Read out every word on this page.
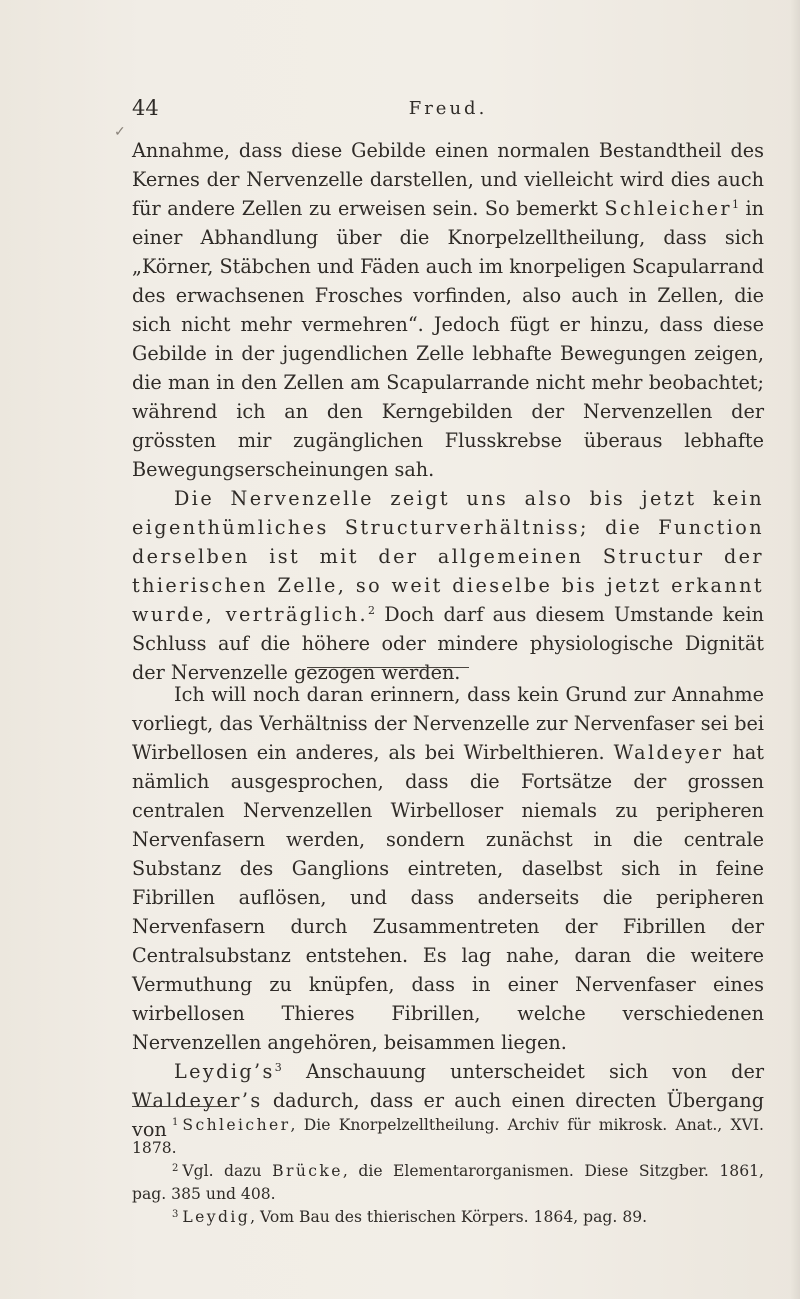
44	Freud.
✓

Annahme, dass diese Gebilde einen normalen Bestandtheil des Kernes der Nervenzelle darstellen, und vielleicht wird dies auch für andere Zellen zu erweisen sein. So bemerkt Schleicher$^1$ in einer Abhandlung über die Knorpelzelltheilung, dass sich „Körner, Stäbchen und Fäden auch im knorpeligen Scapularrand des erwachsenen Frosches vorfinden, also auch in Zellen, die sich nicht mehr vermehren“. Jedoch fügt er hinzu, dass diese Gebilde in der jugendlichen Zelle lebhafte Bewegungen zeigen, die man in den Zellen am Scapularrande nicht mehr beobachtet; während ich an den Kerngebilden der Nervenzellen der grössten mir zugänglichen Flusskrebse überaus lebhafte Bewegungserscheinungen sah.

Die Nervenzelle zeigt uns also bis jetzt kein eigenthümliches Structurverhältniss; die Function derselben ist mit der allgemeinen Structur der thierischen Zelle, so weit dieselbe bis jetzt erkannt wurde, verträglich.$^2$ Doch darf aus diesem Umstande kein Schluss auf die höhere oder mindere physiologische Dignität der Nervenzelle gezogen werden.

Ich will noch daran erinnern, dass kein Grund zur Annahme vorliegt, das Verhältniss der Nervenzelle zur Nervenfaser sei bei Wirbellosen ein anderes, als bei Wirbelthieren. Waldeyer hat nämlich ausgesprochen, dass die Fortsätze der grossen centralen Nervenzellen Wirbelloser niemals zu peripheren Nervenfasern werden, sondern zunächst in die centrale Substanz des Ganglions eintreten, daselbst sich in feine Fibrillen auflösen, und dass anderseits die peripheren Nervenfasern durch Zusammentreten der Fibrillen der Centralsubstanz entstehen. Es lag nahe, daran die weitere Vermuthung zu knüpfen, dass in einer Nervenfaser eines wirbellosen Thieres Fibrillen, welche verschiedenen Nervenzellen angehören, beisammen liegen.

$Leydig’s^3$ Anschauung unterscheidet sich von der Waldeyer’s dadurch, dass er auch einen directen Übergang von $^1$ Schleicher, Die Knorpelzelltheilung. Archiv für mikrosk. Anat., XVI. 1878.

$^2$ Vgl. dazu Brücke, die Elementarorganismen. Diese Sitzgber. 1861, pag. 385 und 408.

$^3$ Leydig, Vom Bau des thierischen Körpers. 1864, pag. 89.
